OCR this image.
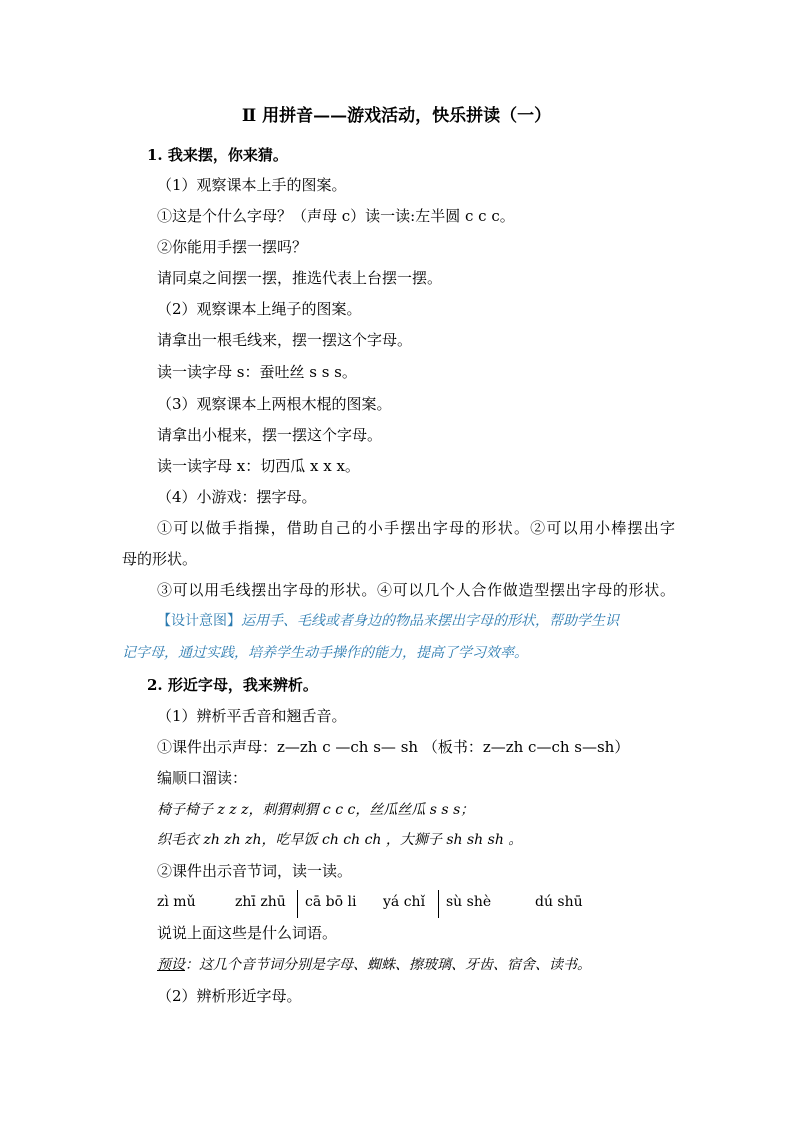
Ⅱ 用拼音——游戏活动，快乐拼读（一）
1. 我来摆，你来猜。
（1）观察课本上手的图案。
①这是个什么字母？（声母 c）读一读:左半圆 c c c。
②你能用手摆一摆吗？
请同桌之间摆一摆，推选代表上台摆一摆。
（2）观察课本上绳子的图案。
请拿出一根毛线来，摆一摆这个字母。
读一读字母 s：蚕吐丝 s s s。
（3）观察课本上两根木棍的图案。
请拿出小棍来，摆一摆这个字母。
读一读字母 x：切西瓜 x x x。
（4）小游戏：摆字母。
①可以做手指操，借助自己的小手摆出字母的形状。②可以用小棒摆出字
母的形状。
③可以用毛线摆出字母的形状。④可以几个人合作做造型摆出字母的形状。
【设计意图】运用手、毛线或者身边的物品来摆出字母的形状，帮助学生识
记字母，通过实践，培养学生动手操作的能力，提高了学习效率。
2. 形近字母，我来辨析。
（1）辨析平舌音和翘舌音。
①课件出示声母：z—zh c —ch s— sh （板书：z—zh c—ch s—sh）
编顺口溜读：
椅子椅子 z z z，刺猬刺猬 c c c，丝瓜丝瓜 s s s；
织毛衣 zh zh zh，吃早饭 ch ch ch ，大狮子 sh sh sh 。
②课件出示音节词，读一读。
zì mǔ	zhī zhū cā bō li yá chǐ sù shè	dú shū
说说上面这些是什么词语。
预设：这几个音节词分别是字母、蜘蛛、擦玻璃、牙齿、宿舍、读书。
（2）辨析形近字母。
